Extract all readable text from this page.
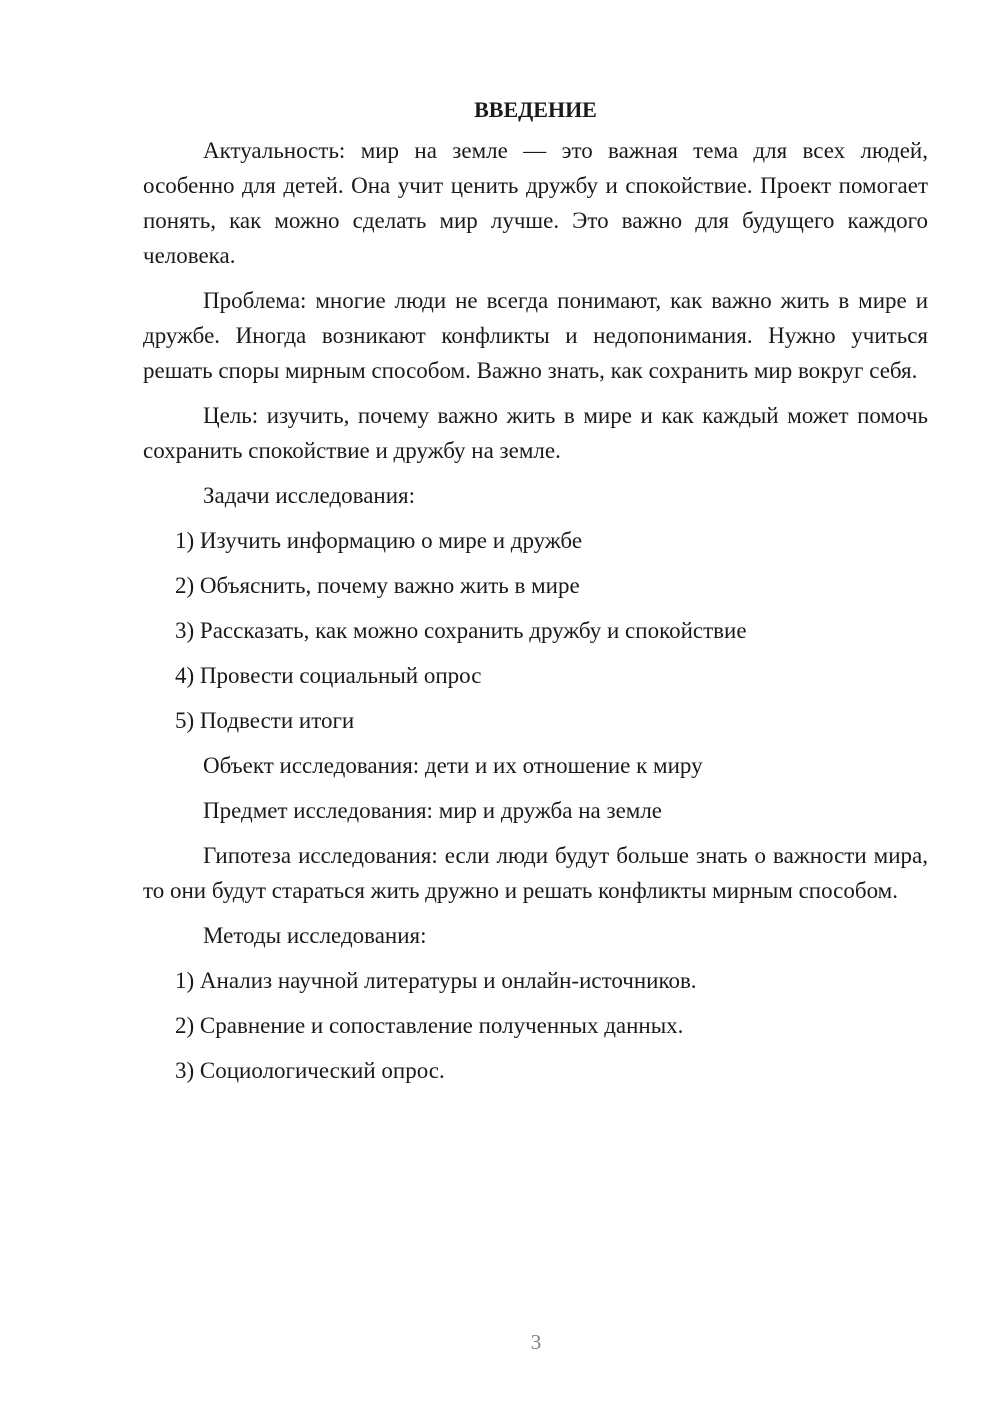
ВВЕДЕНИЕ

Актуальность: мир на земле — это важная тема для всех людей, особенно для детей. Она учит ценить дружбу и спокойствие. Проект помогает понять, как можно сделать мир лучше. Это важно для будущего каждого человека.

Проблема: многие люди не всегда понимают, как важно жить в мире и дружбе. Иногда возникают конфликты и недопонимания. Нужно учиться решать споры мирным способом. Важно знать, как сохранить мир вокруг себя.

Цель: изучить, почему важно жить в мире и как каждый может помочь сохранить спокойствие и дружбу на земле.

Задачи исследования:

1) Изучить информацию о мире и дружбе

2) Объяснить, почему важно жить в мире

3) Рассказать, как можно сохранить дружбу и спокойствие

4) Провести социальный опрос

5) Подвести итоги

Объект исследования: дети и их отношение к миру

Предмет исследования: мир и дружба на земле

Гипотеза исследования: если люди будут больше знать о важности мира, то они будут стараться жить дружно и решать конфликты мирным способом.

Методы исследования:

1) Анализ научной литературы и онлайн-источников.

2) Сравнение и сопоставление полученных данных.

3) Социологический опрос.

3
